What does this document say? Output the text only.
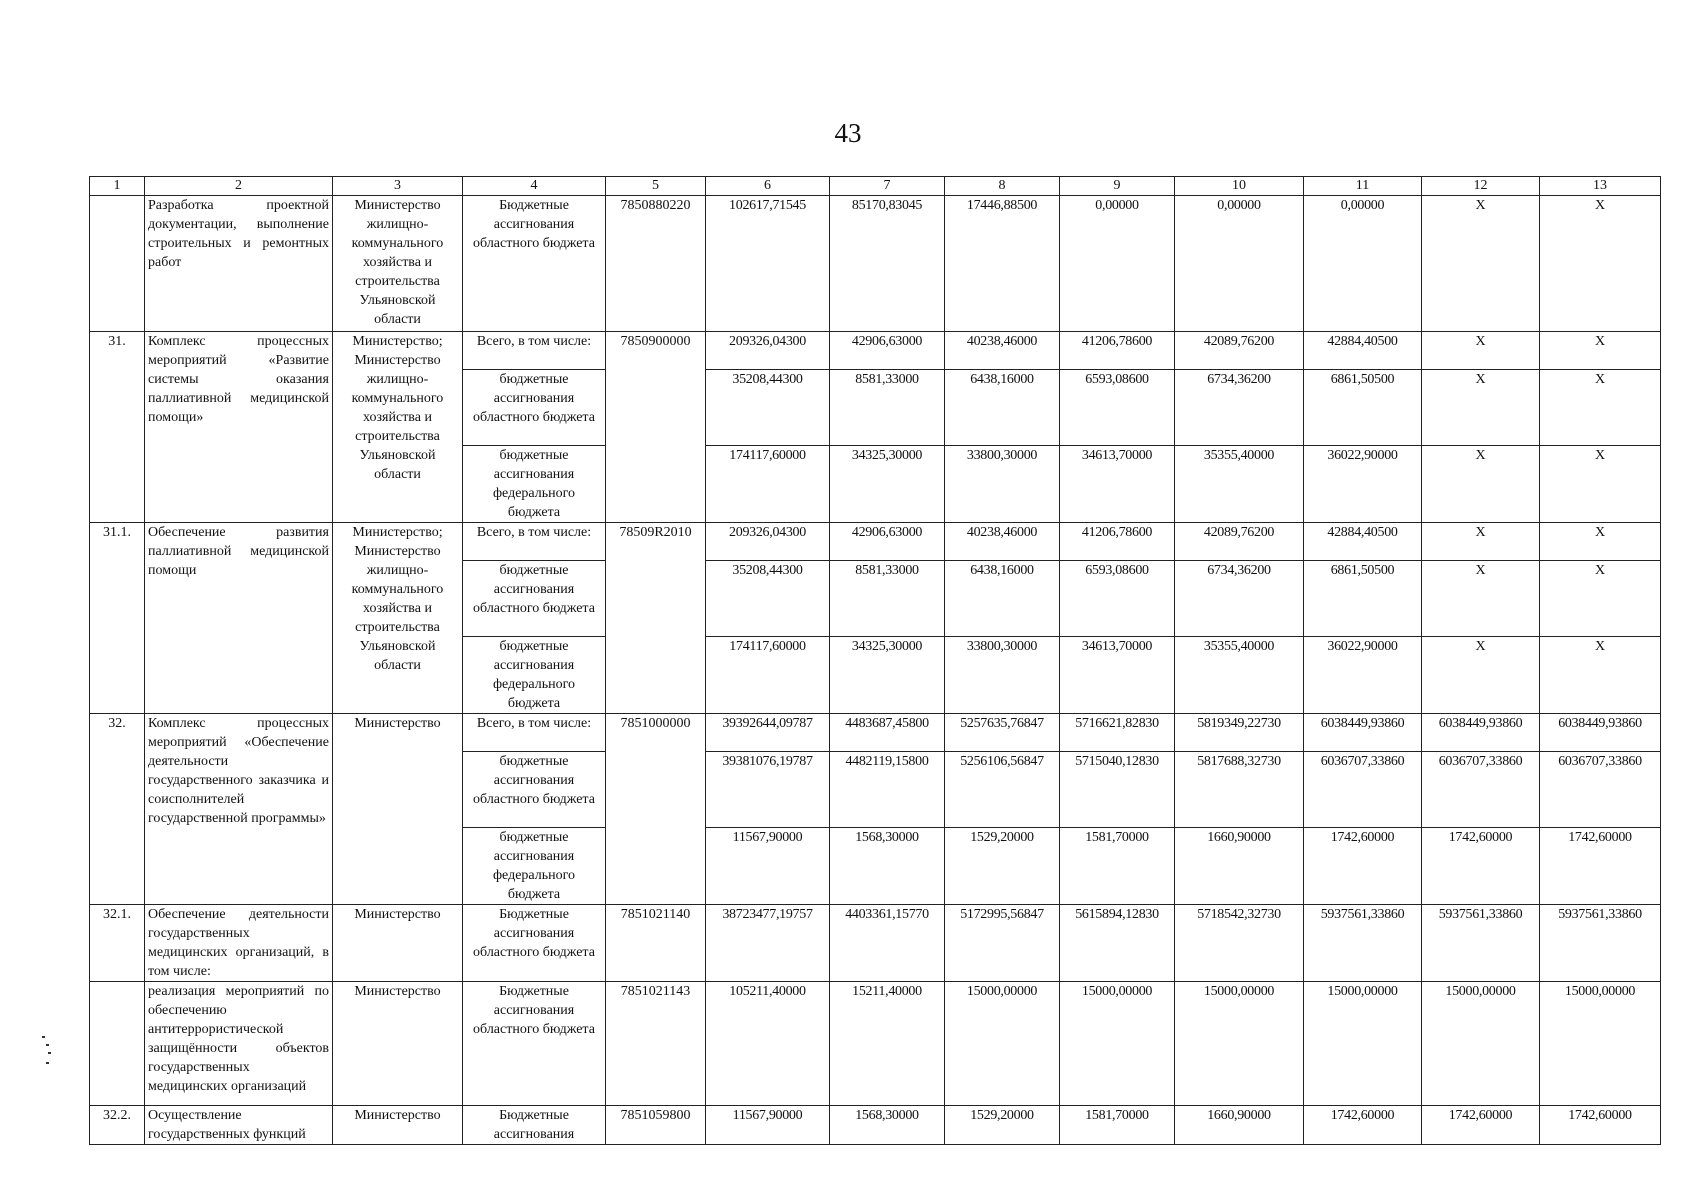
43
1	2	3	4	5	6	7	8	9	10	11	12	13
	Разработка проектной документации, выполнение строительных и ремонтных работ	Министерство жилищно-коммунального хозяйства и строительства Ульяновской области	Бюджетные ассигнования областного бюджета	7850880220	102617,71545	85170,83045	17446,88500	0,00000	0,00000	0,00000	X	X
31.	Комплекс процессных мероприятий «Развитие системы оказания паллиативной медицинской помощи»	Министерство; Министерство жилищно-коммунального хозяйства и строительства Ульяновской области	Всего, в том числе:	7850900000	209326,04300	42906,63000	40238,46000	41206,78600	42089,76200	42884,40500	X	X
			бюджетные ассигнования областного бюджета		35208,44300	8581,33000	6438,16000	6593,08600	6734,36200	6861,50500	X	X
			бюджетные ассигнования федерального бюджета		174117,60000	34325,30000	33800,30000	34613,70000	35355,40000	36022,90000	X	X
31.1.	Обеспечение развития паллиативной медицинской помощи	Министерство; Министерство жилищно-коммунального хозяйства и строительства Ульяновской области	Всего, в том числе:	78509R2010	209326,04300	42906,63000	40238,46000	41206,78600	42089,76200	42884,40500	X	X
			бюджетные ассигнования областного бюджета		35208,44300	8581,33000	6438,16000	6593,08600	6734,36200	6861,50500	X	X
			бюджетные ассигнования федерального бюджета		174117,60000	34325,30000	33800,30000	34613,70000	35355,40000	36022,90000	X	X
32.	Комплекс процессных мероприятий «Обеспечение деятельности государственного заказчика и соисполнителей государственной программы»	Министерство	Всего, в том числе:	7851000000	39392644,09787	4483687,45800	5257635,76847	5716621,82830	5819349,22730	6038449,93860	6038449,93860	6038449,93860
			бюджетные ассигнования областного бюджета		39381076,19787	4482119,15800	5256106,56847	5715040,12830	5817688,32730	6036707,33860	6036707,33860	6036707,33860
			бюджетные ассигнования федерального бюджета		11567,90000	1568,30000	1529,20000	1581,70000	1660,90000	1742,60000	1742,60000	1742,60000
32.1.	Обеспечение деятельности государственных медицинских организаций, в том числе:	Министерство	Бюджетные ассигнования областного бюджета	7851021140	38723477,19757	4403361,15770	5172995,56847	5615894,12830	5718542,32730	5937561,33860	5937561,33860	5937561,33860
	реализация мероприятий по обеспечению антитеррористической защищённости объектов государственных медицинских организаций	Министерство	Бюджетные ассигнования областного бюджета	7851021143	105211,40000	15211,40000	15000,00000	15000,00000	15000,00000	15000,00000	15000,00000	15000,00000
32.2.	Осуществление государственных функций	Министерство	Бюджетные ассигнования	7851059800	11567,90000	1568,30000	1529,20000	1581,70000	1660,90000	1742,60000	1742,60000	1742,60000
